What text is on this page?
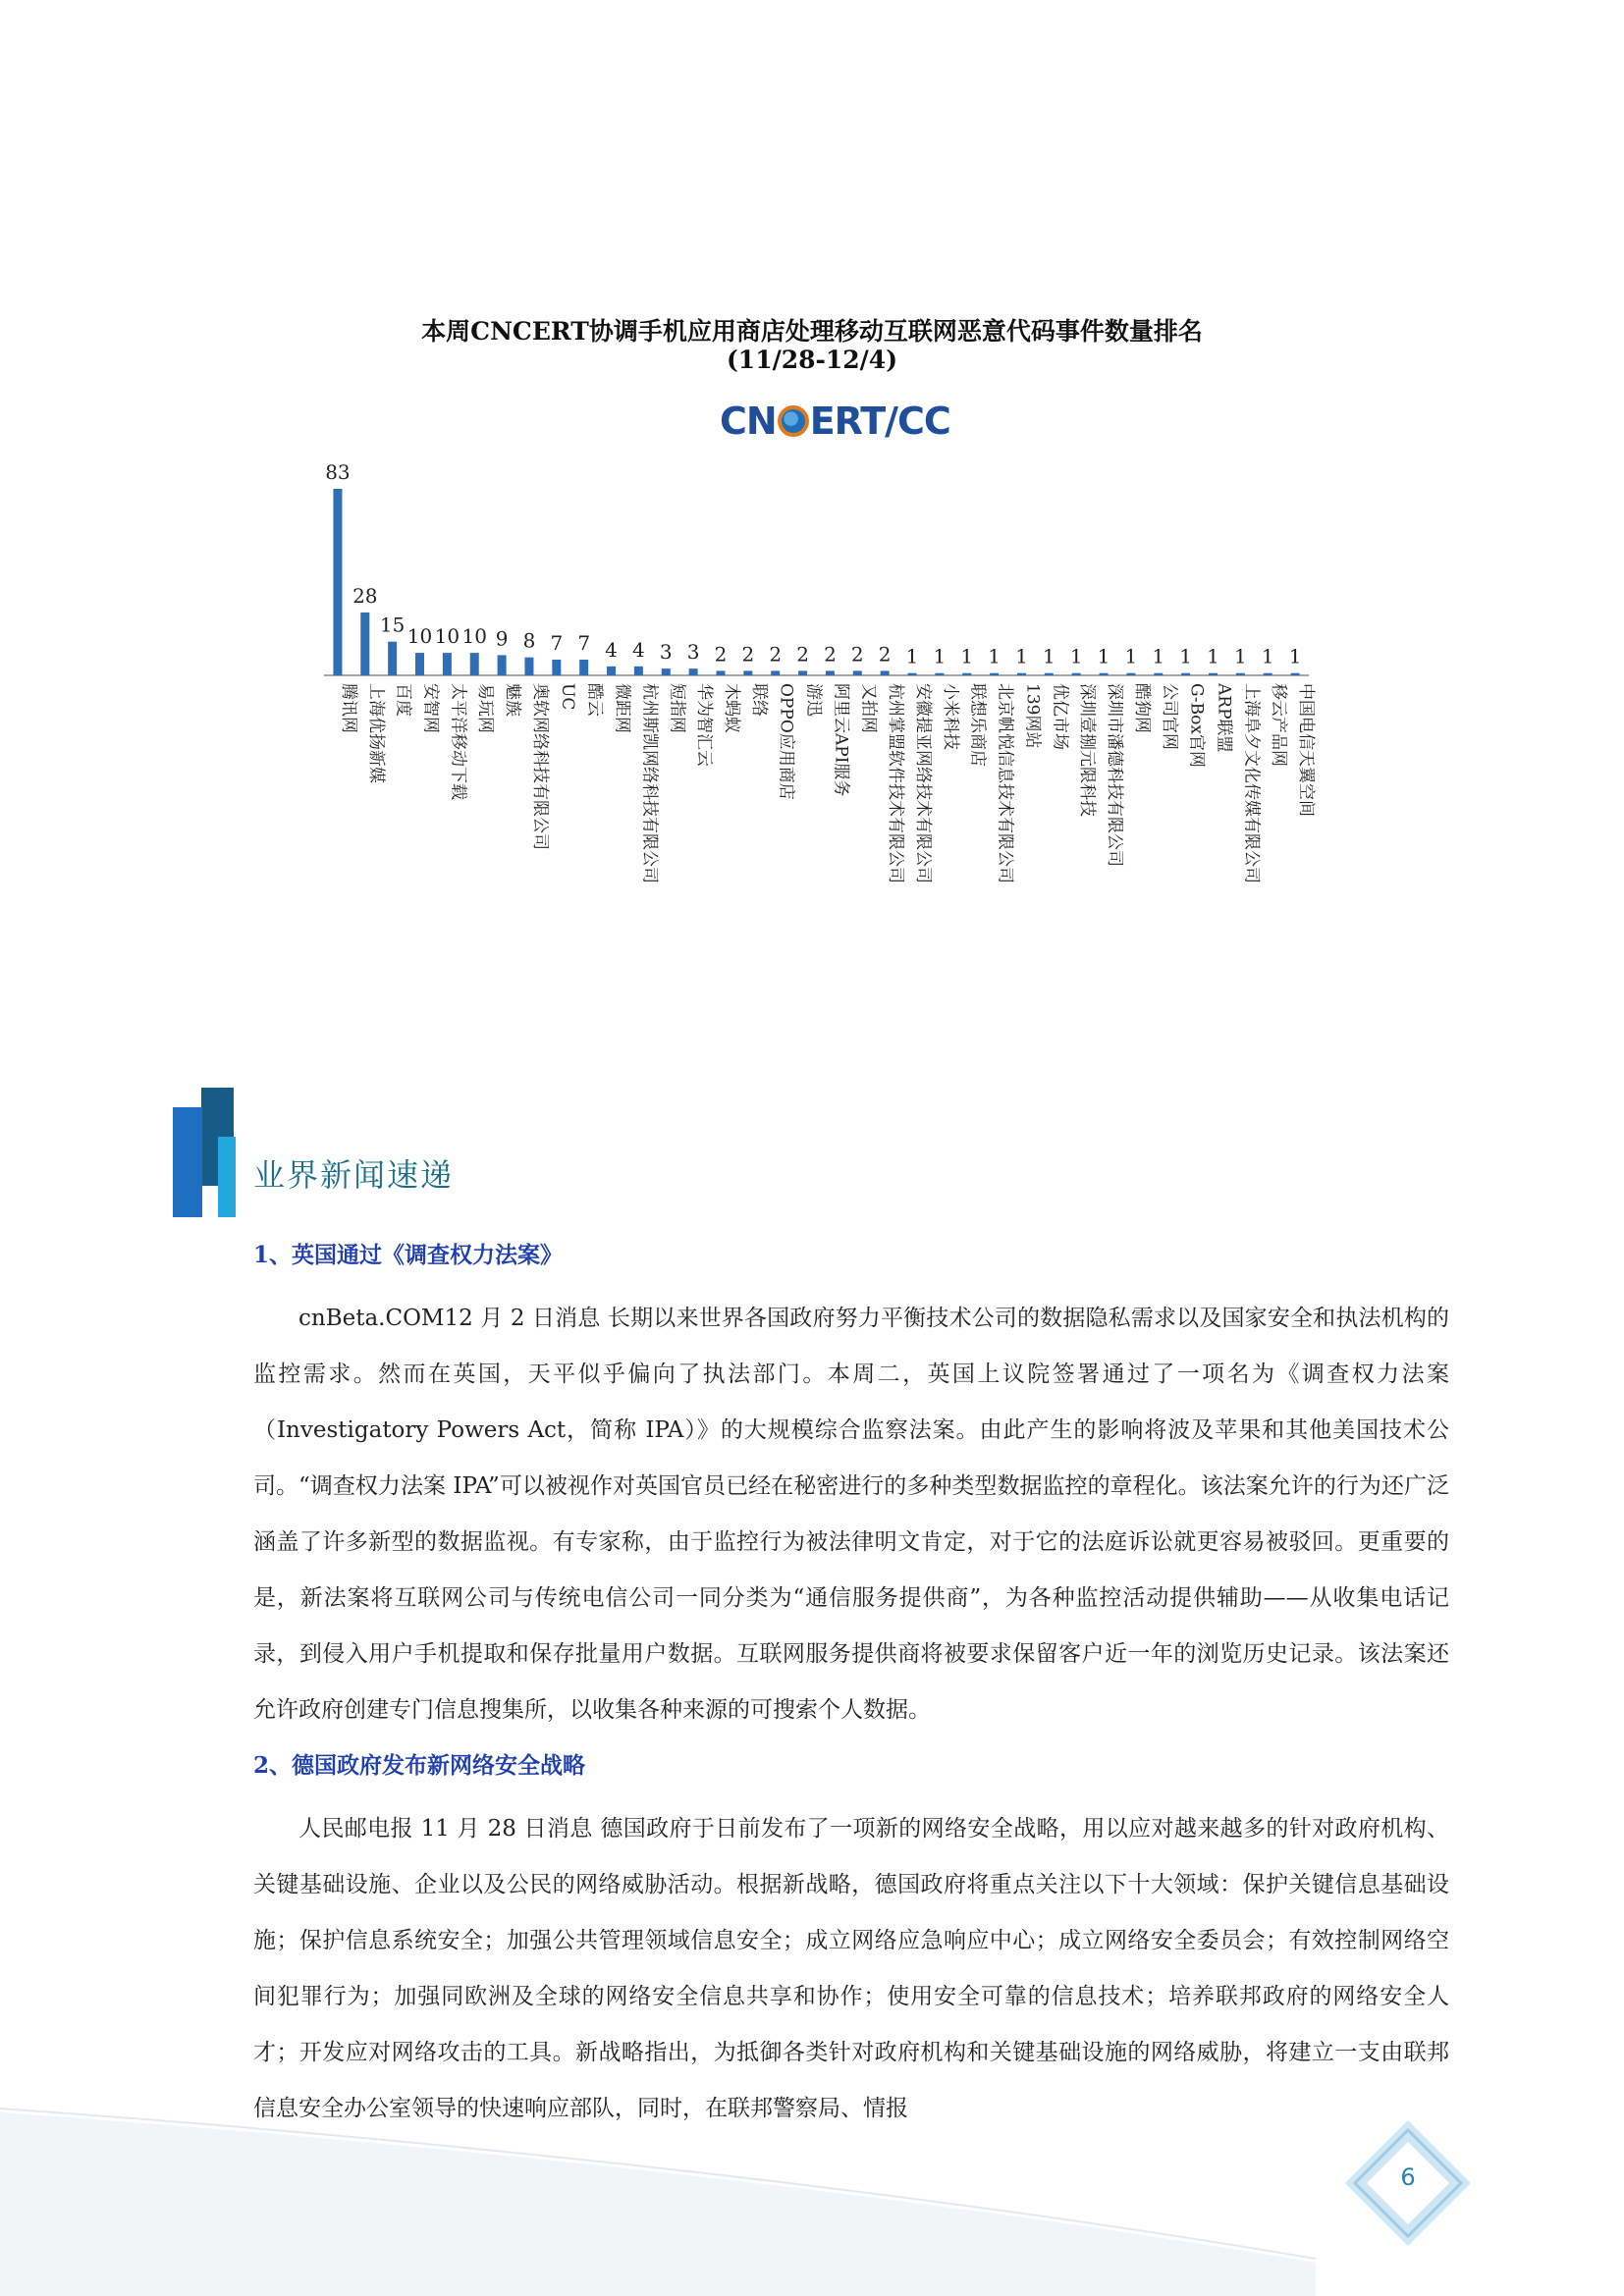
本周CNCERT协调手机应用商店处理移动互联网恶意代码事件数量排名
(11/28-12/4)
CN ERT/CC
83
腾讯网
28
上海优扬新媒
15
百度
10
安智网
10
太平洋移动下载
10
易玩网
9
魅族
8
奥软网络科技有限公司
7
UC
7
酷云
4
微距网
4
杭州斯凯网络科技有限公司
3
短指网
3
华为智汇云
2
木蚂蚁
2
联络
2
OPPO应用商店
2
游迅
2
阿里云API服务
2
又拍网
2
杭州掌盟软件技术有限公司
1
安徽提亚网络技术有限公司
1
小米科技
1
联想乐商店
1
北京帆悦信息技术有限公司
1
139网站
1
优亿市场
1
深圳壹捌元限科技
1
深圳市潘德科技有限公司
1
酷狗网
1
公司官网
1
G-Box官网
1
ARP联盟
1
上海阜夕文化传媒有限公司
1
移云产品网
1
中国电信天翼空间
业界新闻速递
1、英国通过《调查权力法案》

cnBeta.COM12 月 2 日消息 长期以来世界各国政府努力平衡技术公司的数据隐私需求以及国家安全和执法机构的监控需求。然而在英国，天平似乎偏向了执法部门。本周二，英国上议院签署通过了一项名为《调查权力法案（Investigatory Powers Act，简称 IPA）》的大规模综合监察法案。由此产生的影响将波及苹果和其他美国技术公司。“调查权力法案 IPA”可以被视作对英国官员已经在秘密进行的多种类型数据监控的章程化。该法案允许的行为还广泛涵盖了许多新型的数据监视。有专家称，由于监控行为被法律明文肯定，对于它的法庭诉讼就更容易被驳回。更重要的是，新法案将互联网公司与传统电信公司一同分类为“通信服务提供商”，为各种监控活动提供辅助——从收集电话记录，到侵入用户手机提取和保存批量用户数据。互联网服务提供商将被要求保留客户近一年的浏览历史记录。该法案还允许政府创建专门信息搜集所，以收集各种来源的可搜索个人数据。

2、德国政府发布新网络安全战略

人民邮电报 11 月 28 日消息 德国政府于日前发布了一项新的网络安全战略，用以应对越来越多的针对政府机构、关键基础设施、企业以及公民的网络威胁活动。根据新战略，德国政府将重点关注以下十大领域：保护关键信息基础设施；保护信息系统安全；加强公共管理领域信息安全；成立网络应急响应中心；成立网络安全委员会；有效控制网络空间犯罪行为；加强同欧洲及全球的网络安全信息共享和协作；使用安全可靠的信息技术；培养联邦政府的网络安全人才；开发应对网络攻击的工具。新战略指出，为抵御各类针对政府机构和关键基础设施的网络威胁，将建立一支由联邦信息安全办公室领导的快速响应部队，同时，在联邦警察局、情报

6
